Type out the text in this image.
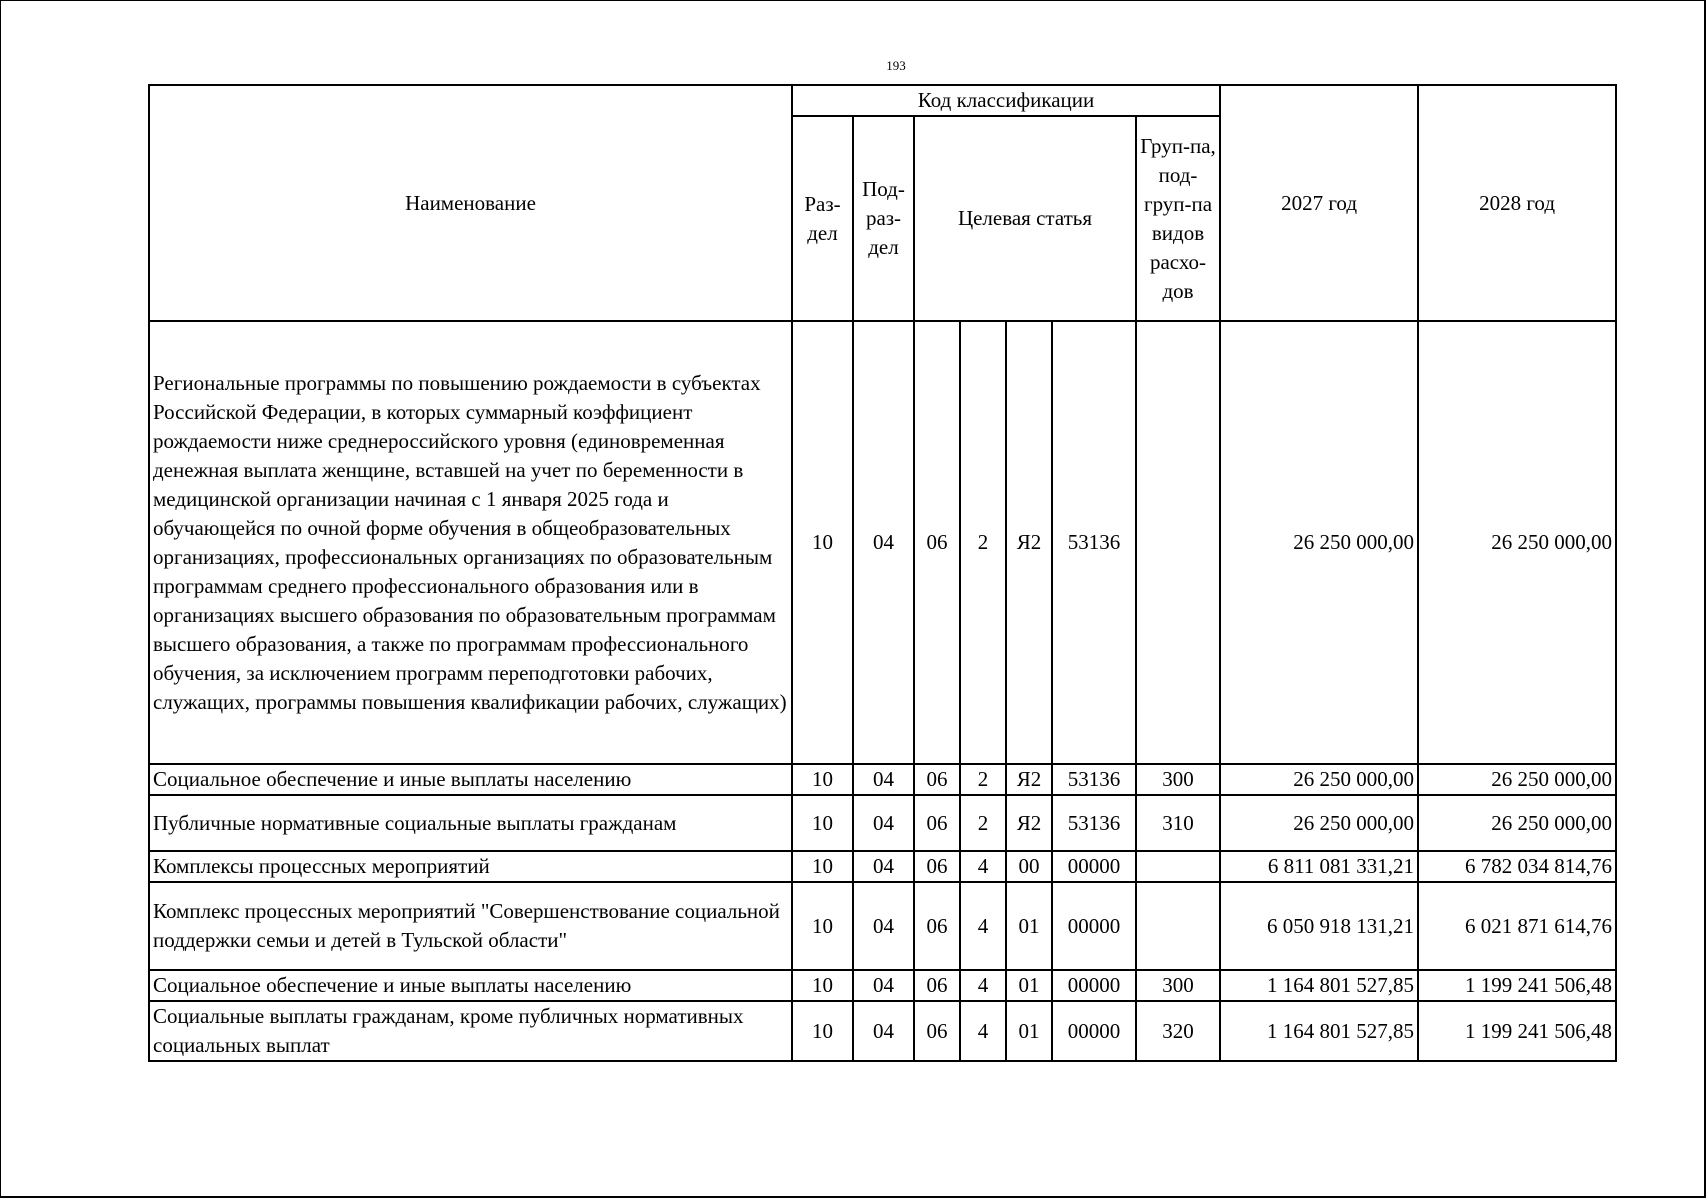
193
Наименование	Код классификации							2027 год	2028 год
	Раз-дел	Под-раз-дел	Целевая статья				Груп-па, под-груп-па видов расхо-дов		
Региональные программы по повышению рождаемости в субъектах Российской Федерации, в которых суммарный коэффициент рождаемости ниже среднероссийского уровня (единовременная денежная выплата женщине, вставшей на учет по беременности в медицинской организации начиная с 1 января 2025 года и обучающейся по очной форме обучения в общеобразовательных организациях, профессиональных организациях по образовательным программам среднего профессионального образования или в организациях высшего образования по образовательным программам высшего образования, а также по программам профессионального обучения, за исключением программ переподготовки рабочих, служащих, программы повышения квалификации рабочих, служащих)	10	04	06	2	Я2	53136		26 250 000,00	26 250 000,00
Социальное обеспечение и иные выплаты населению	10	04	06	2	Я2	53136	300	26 250 000,00	26 250 000,00
Публичные нормативные социальные выплаты гражданам	10	04	06	2	Я2	53136	310	26 250 000,00	26 250 000,00
Комплексы процессных мероприятий	10	04	06	4	00	00000		6 811 081 331,21	6 782 034 814,76
Комплекс процессных мероприятий "Совершенствование социальной поддержки семьи и детей в Тульской области"	10	04	06	4	01	00000		6 050 918 131,21	6 021 871 614,76
Социальное обеспечение и иные выплаты населению	10	04	06	4	01	00000	300	1 164 801 527,85	1 199 241 506,48
Социальные выплаты гражданам, кроме публичных нормативных социальных выплат	10	04	06	4	01	00000	320	1 164 801 527,85	1 199 241 506,48
